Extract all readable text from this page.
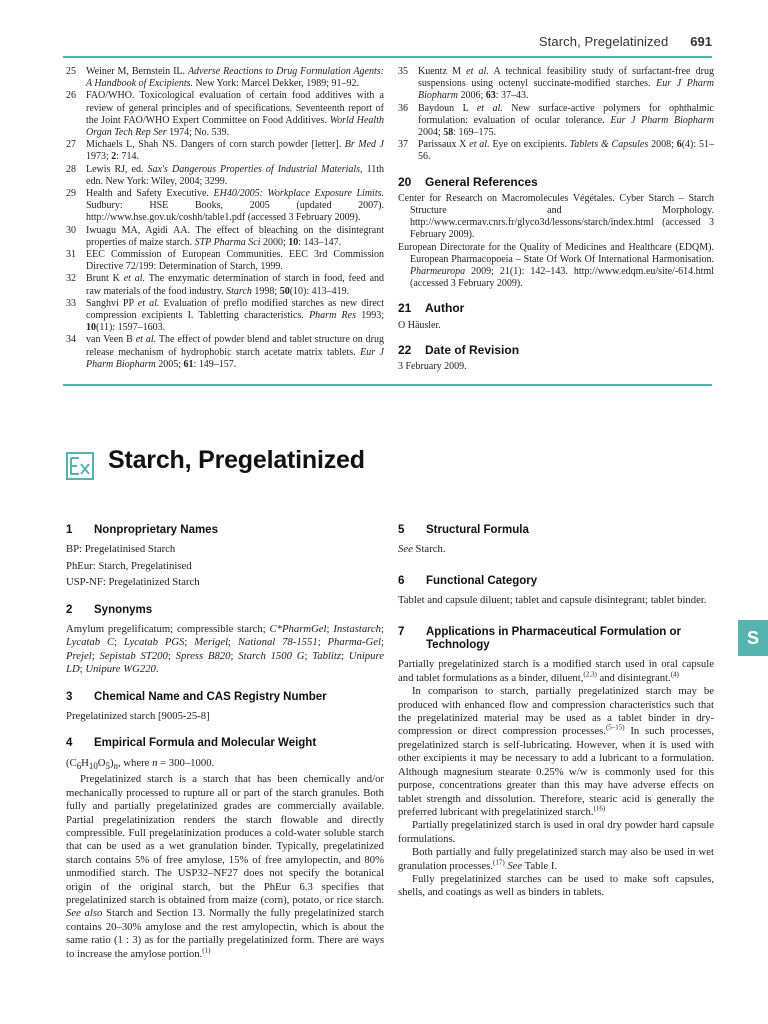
Starch, Pregelatinized 691
25 Weiner M, Bernstein IL. Adverse Reactions to Drug Formulation Agents: A Handbook of Excipients. New York: Marcel Dekker, 1989; 91–92.
26 FAO/WHO. Toxicological evaluation of certain food additives with a review of general principles and of specifications. Seventeenth report of the Joint FAO/WHO Expert Committee on Food Additives. World Health Organ Tech Rep Ser 1974; No. 539.
27 Michaels L, Shah NS. Dangers of corn starch powder [letter]. Br Med J 1973; 2: 714.
28 Lewis RJ, ed. Sax's Dangerous Properties of Industrial Materials, 11th edn. New York: Wiley, 2004; 3299.
29 Health and Safety Executive. EH40/2005: Workplace Exposure Limits. Sudbury: HSE Books, 2005 (updated 2007). http://www.hse.gov.uk/coshh/table1.pdf (accessed 3 February 2009).
30 Iwuagu MA, Agidi AA. The effect of bleaching on the disintegrant properties of maize starch. STP Pharma Sci 2000; 10: 143–147.
31 EEC Commission of European Communities. EEC 3rd Commission Directive 72/199: Determination of Starch, 1999.
32 Brunt K et al. The enzymatic determination of starch in food, feed and raw materials of the food industry. Starch 1998; 50(10): 413–419.
33 Sanghvi PP et al. Evaluation of preflo modified starches as new direct compression excipients I. Tabletting characteristics. Pharm Res 1993; 10(11): 1597–1603.
34 van Veen B et al. The effect of powder blend and tablet structure on drug release mechanism of hydrophobic starch acetate matrix tablets. Eur J Pharm Biopharm 2005; 61: 149–157.
35 Kuentz M et al. A technical feasibility study of surfactant-free drug suspensions using octenyl succinate-modified starches. Eur J Pharm Biopharm 2006; 63: 37–43.
36 Baydoun L et al. New surface-active polymers for ophthalmic formulation: evaluation of ocular tolerance. Eur J Pharm Biopharm 2004; 58: 169–175.
37 Parissaux X et al. Eye on excipients. Tablets & Capsules 2008; 6(4): 51–56.
20 General References
Center for Research on Macromolecules Végétales. Cyber Starch – Starch Structure and Morphology. http://www.cermav.cnrs.fr/glyco3d/lessons/starch/index.html (accessed 3 February 2009).
European Directorate for the Quality of Medicines and Healthcare (EDQM). European Pharmacopoeia – State Of Work Of International Harmonisation. Pharmeuropa 2009; 21(1): 142–143. http://www.edqm.eu/site/-614.html (accessed 3 February 2009).
21 Author
O Häusler.
22 Date of Revision
3 February 2009.
Starch, Pregelatinized
1 Nonproprietary Names
BP: Pregelatinised Starch
PhEur: Starch, Pregelatinised
USP-NF: Pregelatinized Starch
2 Synonyms

Amylum pregelificatum; compressible starch; C*PharmGel; Instastarch; Lycatab C; Lycatab PGS; Merigel; National 78-1551; Pharma-Gel; Prejel; Sepistab ST200; Spress B820; Starch 1500 G; Tablitz; Unipure LD; Unipure WG220.

3 Chemical Name and CAS Registry Number

Pregelatinized starch [9005-25-8]

4 Empirical Formula and Molecular Weight

$(C_6H_{10}O_5)_n$, where n = 300–1000.

Pregelatinized starch is a starch that has been chemically and/or mechanically processed to rupture all or part of the starch granules. Both fully and partially pregelatinized grades are commercially available. Partial pregelatinization renders the starch flowable and directly compressible. Full pregelatinization produces a cold-water soluble starch that can be used as a wet granulation binder. Typically, pregelatinized starch contains 5% of free amylose, 15% of free amylopectin, and 80% unmodified starch. The USP32–NF27 does not specify the botanical origin of the original starch, but the PhEur 6.3 specifies that pregelatinized starch is obtained from maize (corn), potato, or rice starch. See also Starch and Section 13. Normally the fully pregelatinized starch contains 20–30% amylose and the rest amylopectin, which is about the same ratio (1 : 3) as for the partially pregelatinized form. There are ways to increase the amylose portion.$^{(1)}$

5 Structural Formula

See Starch.

6 Functional Category

Tablet and capsule diluent; tablet and capsule disintegrant; tablet binder.

7 Applications in Pharmaceutical Formulation or Technology

Partially pregelatinized starch is a modified starch used in oral capsule and tablet formulations as a binder, diluent,$^{(2,3)}$ and disintegrant.$^{(4)}$

In comparison to starch, partially pregelatinized starch may be produced with enhanced flow and compression characteristics such that the pregelatinized material may be used as a tablet binder in dry-compression or direct compression processes.$^{(5-15)}$ In such processes, pregelatinized starch is self-lubricating. However, when it is used with other excipients it may be necessary to add a lubricant to a formulation. Although magnesium stearate 0.25% w/w is commonly used for this purpose, concentrations greater than this may have adverse effects on tablet strength and dissolution. Therefore, stearic acid is generally the preferred lubricant with pregelatinized starch.$^{(16)}$

Partially pregelatinized starch is used in oral dry powder hard capsule formulations.

Both partially and fully pregelatinized starch may also be used in wet granulation processes.$^{(17)}$ See Table I.

Fully pregelatinized starches can be used to make soft capsules, shells, and coatings as well as binders in tablets.

S
